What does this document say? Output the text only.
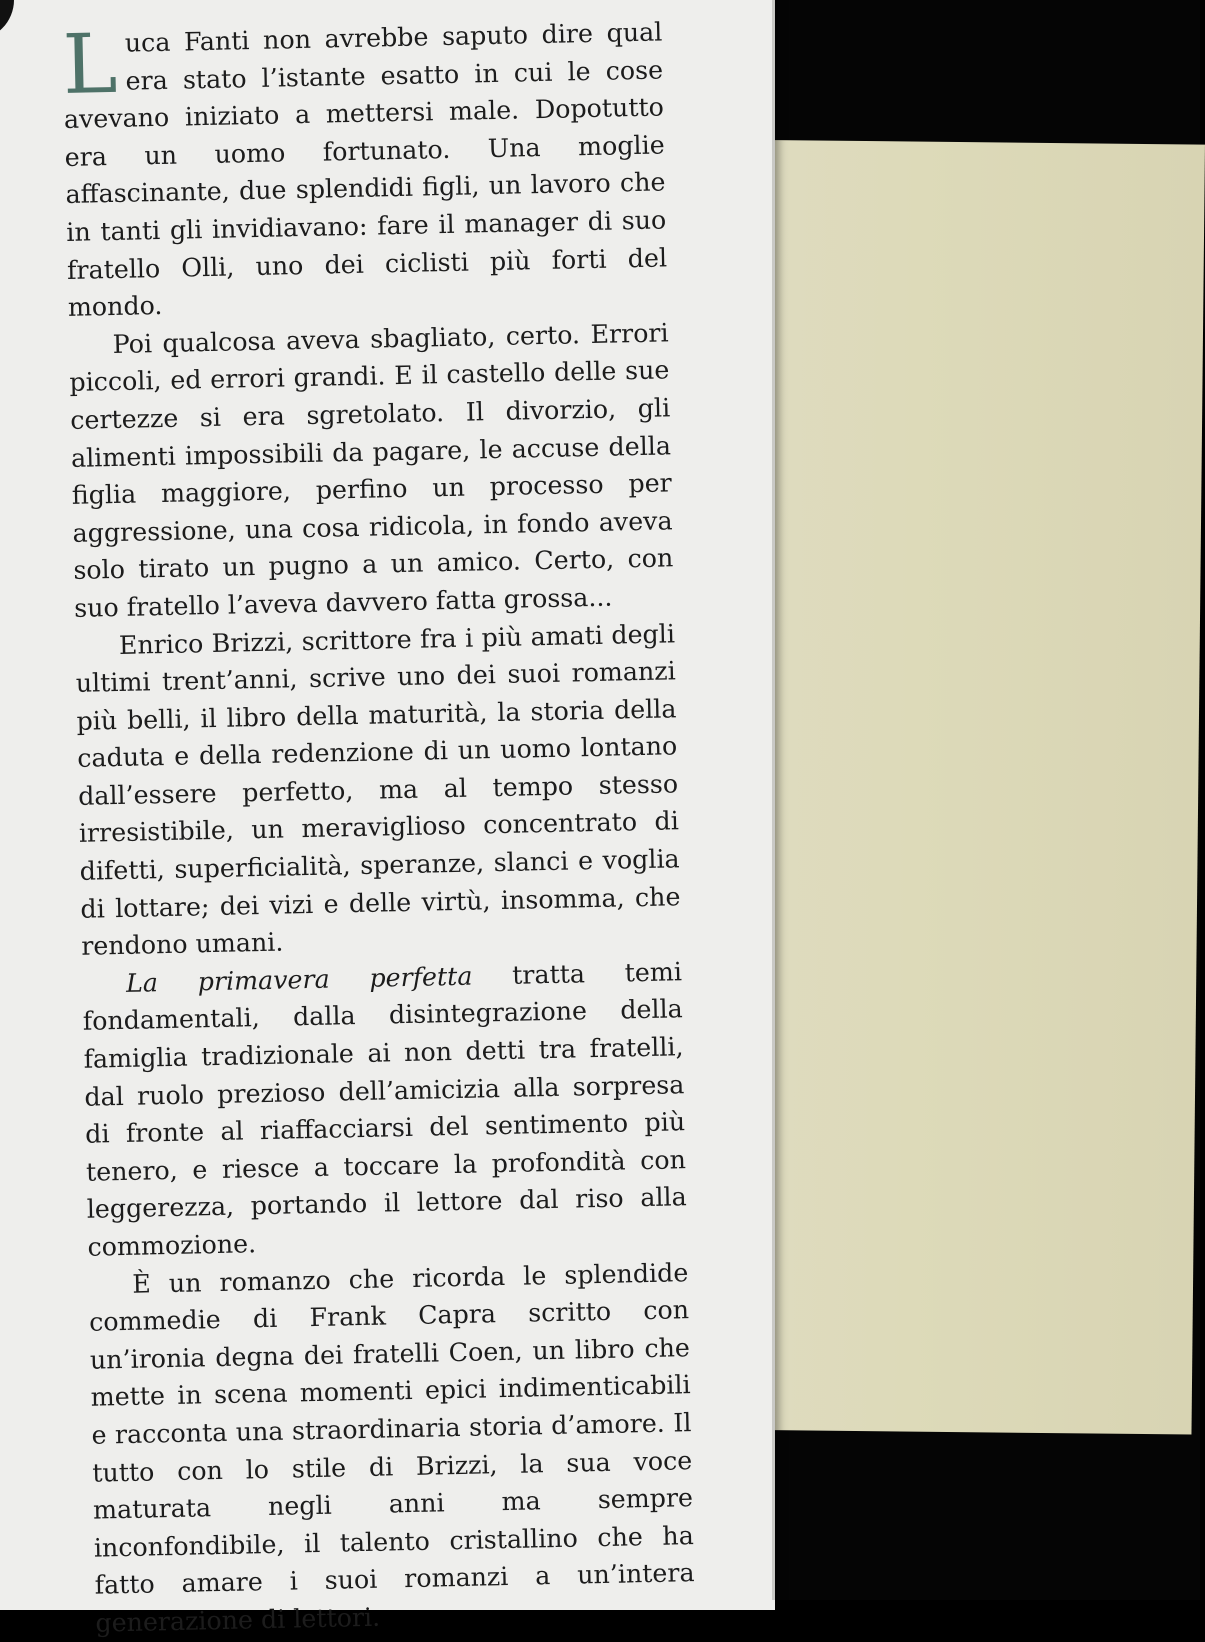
Luca Fanti non avrebbe saputo dire qual era stato l’istante esatto in cui le cose avevano iniziato a mettersi male. Dopotutto era un uomo fortunato. Una moglie affascinante, due splendidi figli, un lavoro che in tanti gli invidiavano: fare il manager di suo fratello Olli, uno dei ciclisti più forti del mondo.

Poi qualcosa aveva sbagliato, certo. Errori piccoli, ed errori grandi. E il castello delle sue certezze si era sgretolato. Il divorzio, gli alimenti impossibili da pagare, le accuse della figlia maggiore, perfino un processo per aggressione, una cosa ridicola, in fondo aveva solo tirato un pugno a un amico. Certo, con suo fratello l’aveva davvero fatta grossa...

Enrico Brizzi, scrittore fra i più amati degli ultimi trent’anni, scrive uno dei suoi romanzi più belli, il libro della maturità, la storia della caduta e della redenzione di un uomo lontano dall’essere perfetto, ma al tempo stesso irresistibile, un meraviglioso concentrato di difetti, superficialità, speranze, slanci e voglia di lottare; dei vizi e delle virtù, insomma, che rendono umani.

La primavera perfetta tratta temi fondamentali, dalla disintegrazione della famiglia tradizionale ai non detti tra fratelli, dal ruolo prezioso dell’amicizia alla sorpresa di fronte al riaffacciarsi del sentimento più tenero, e riesce a toccare la profondità con leggerezza, portando il lettore dal riso alla commozione.

È un romanzo che ricorda le splendide commedie di Frank Capra scritto con un’ironia degna dei fratelli Coen, un libro che mette in scena momenti epici indimenticabili e racconta una straordinaria storia d’amore. Il tutto con lo stile di Brizzi, la sua voce maturata negli anni ma sempre inconfondibile, il talento cristallino che ha fatto amare i suoi romanzi a un’intera generazione di lettori.
